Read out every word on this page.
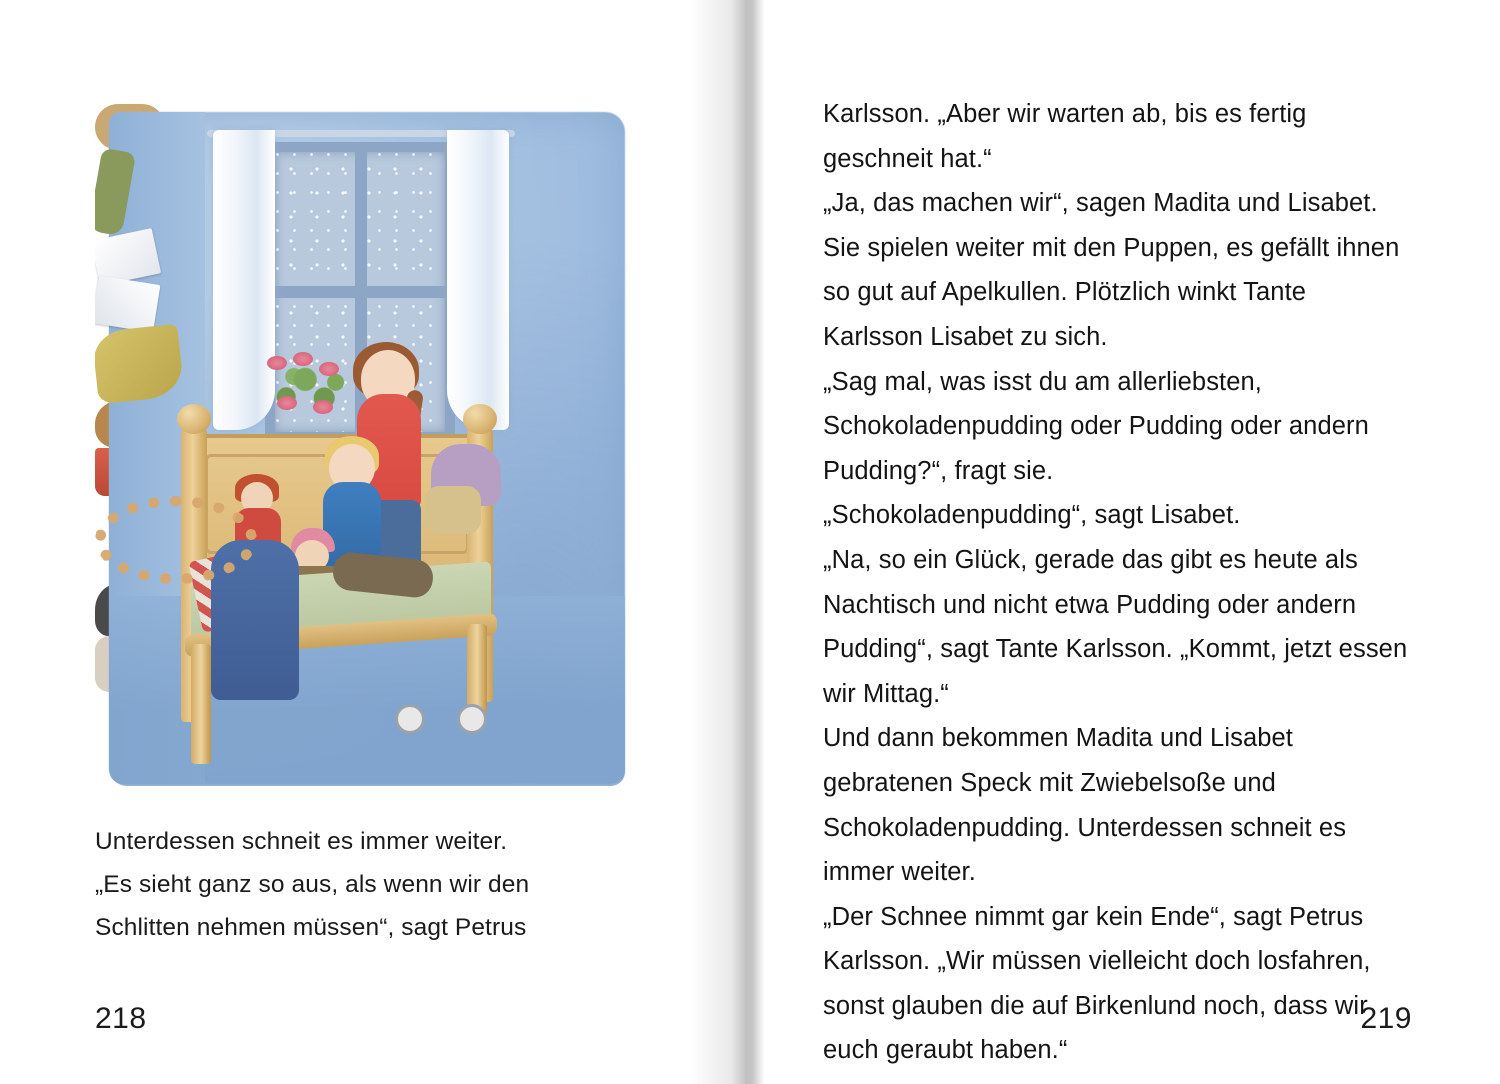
Unterdessen schneit es immer weiter.

„Es sieht ganz so aus, als wenn wir den

Schlitten nehmen müssen“, sagt Petrus

218

Karlsson. „Aber wir warten ab, bis es fertig geschneit hat.“

„Ja, das machen wir“, sagen Madita und Lisabet. Sie spielen weiter mit den Puppen, es gefällt ihnen so gut auf Apelkullen. Plötzlich winkt Tante Karlsson Lisabet zu sich.

„Sag mal, was isst du am allerliebsten, Schokoladenpudding oder Pudding oder andern Pudding?“, fragt sie.

„Schokoladenpudding“, sagt Lisabet.

„Na, so ein Glück, gerade das gibt es heute als Nachtisch und nicht etwa Pudding oder andern Pudding“, sagt Tante Karlsson. „Kommt, jetzt essen wir Mittag.“

Und dann bekommen Madita und Lisabet gebratenen Speck mit Zwiebelsoße und Schokoladenpudding. Unterdessen schneit es immer weiter.

„Der Schnee nimmt gar kein Ende“, sagt Petrus Karlsson. „Wir müssen vielleicht doch losfahren, sonst glauben die auf Birkenlund noch, dass wir euch geraubt haben.“

219
